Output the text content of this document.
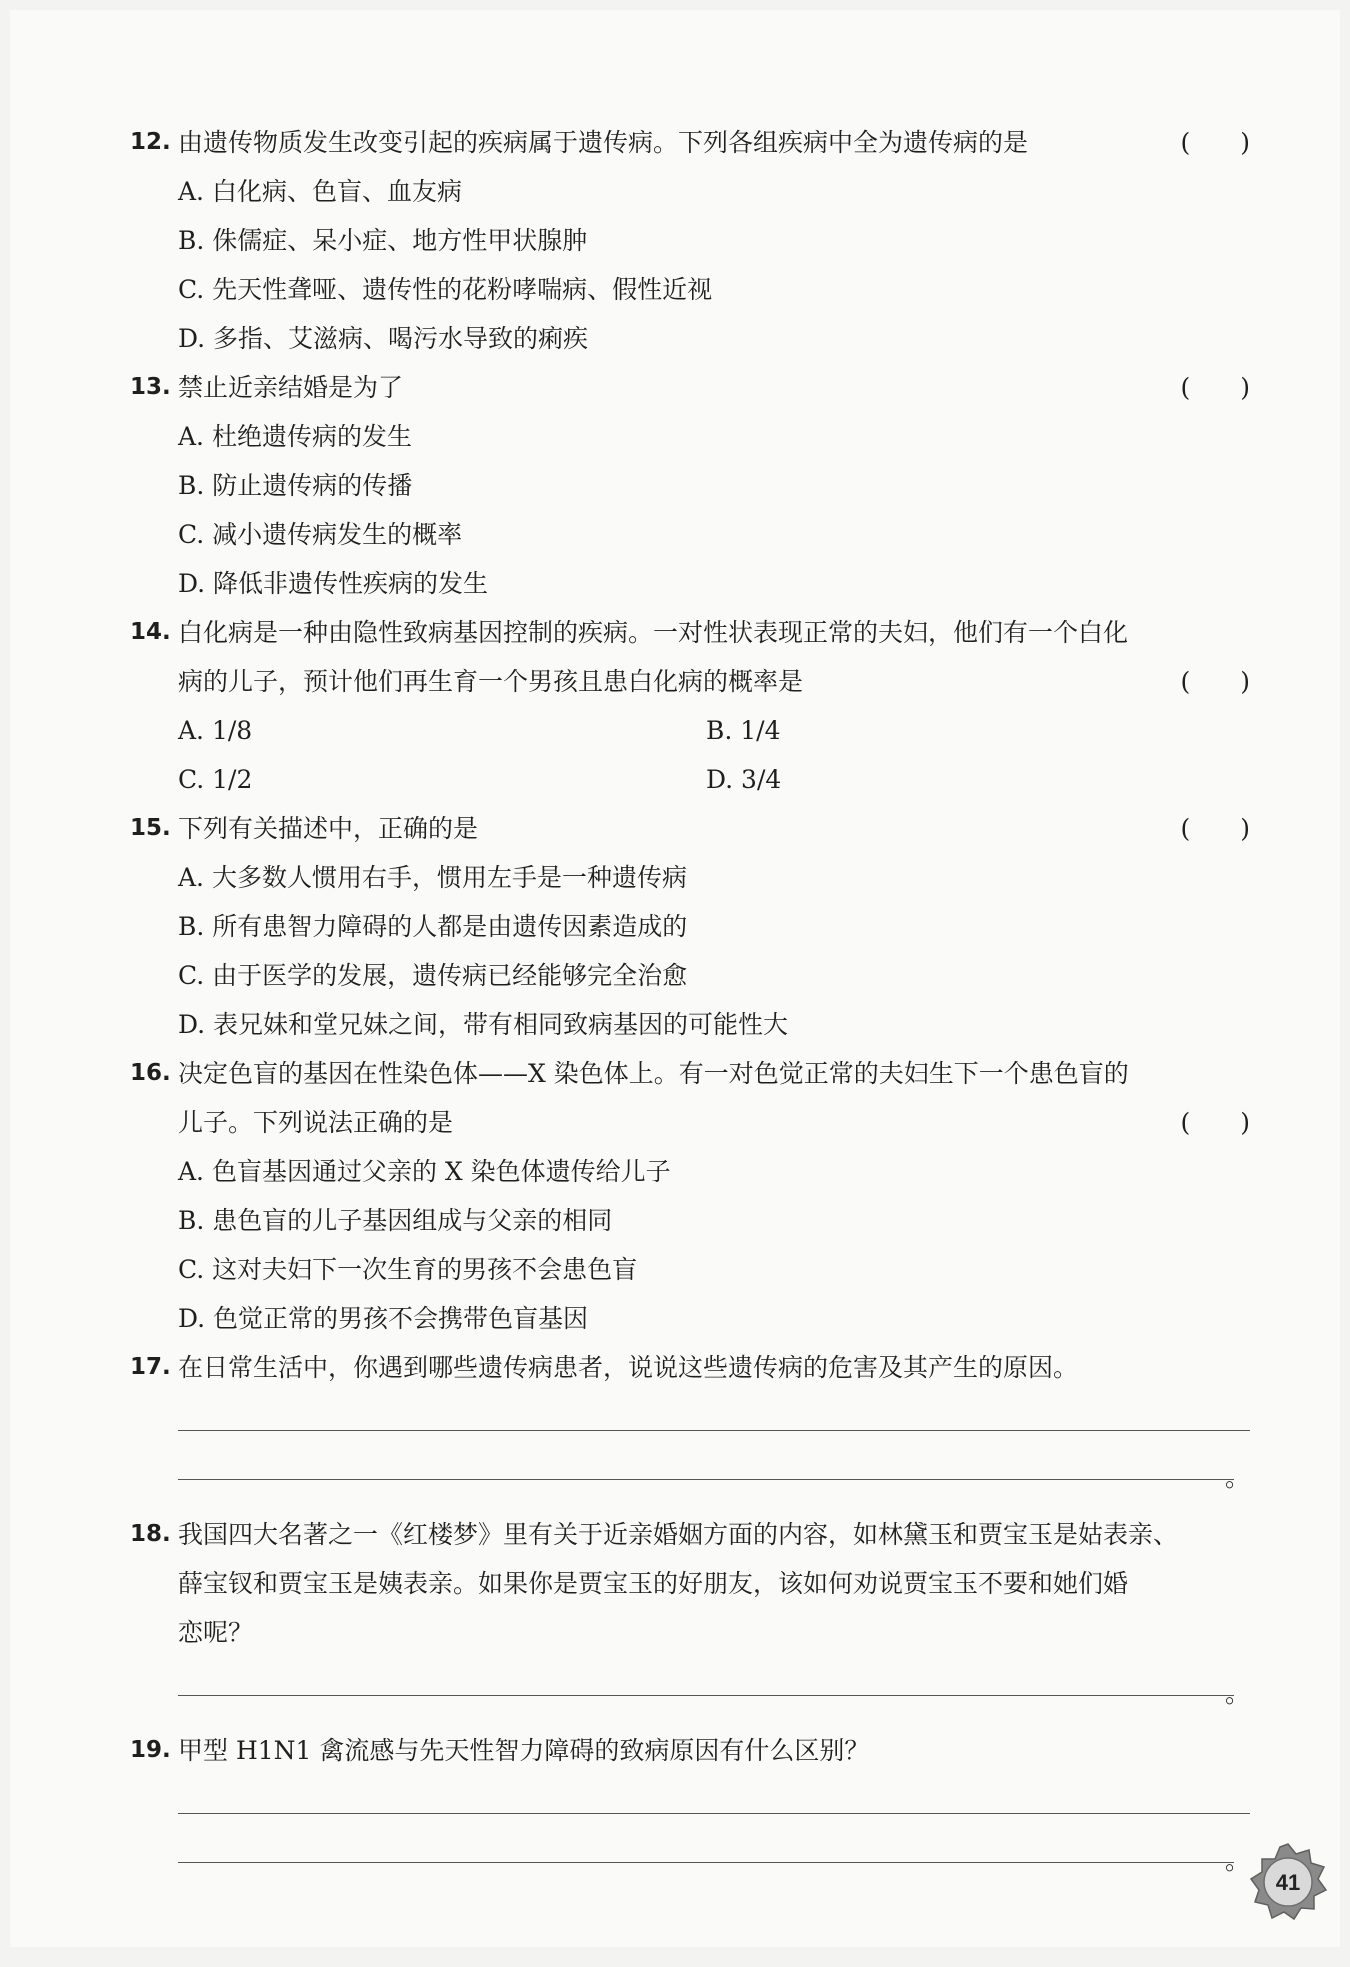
12. 由遗传物质发生改变引起的疾病属于遗传病。下列各组疾病中全为遗传病的是	(　　)
A. 白化病、色盲、血友病
B. 侏儒症、呆小症、地方性甲状腺肿
C. 先天性聋哑、遗传性的花粉哮喘病、假性近视
D. 多指、艾滋病、喝污水导致的痢疾
13. 禁止近亲结婚是为了	(　　)
A. 杜绝遗传病的发生
B. 防止遗传病的传播
C. 减小遗传病发生的概率
D. 降低非遗传性疾病的发生
14. 白化病是一种由隐性致病基因控制的疾病。一对性状表现正常的夫妇，他们有一个白化
病的儿子，预计他们再生育一个男孩且患白化病的概率是	(　　)
A. 1/8	B. 1/4
C. 1/2	D. 3/4
15. 下列有关描述中，正确的是	(　　)
A. 大多数人惯用右手，惯用左手是一种遗传病
B. 所有患智力障碍的人都是由遗传因素造成的
C. 由于医学的发展，遗传病已经能够完全治愈
D. 表兄妹和堂兄妹之间，带有相同致病基因的可能性大
16. 决定色盲的基因在性染色体——X 染色体上。有一对色觉正常的夫妇生下一个患色盲的
儿子。下列说法正确的是	(　　)
A. 色盲基因通过父亲的 X 染色体遗传给儿子
B. 患色盲的儿子基因组成与父亲的相同
C. 这对夫妇下一次生育的男孩不会患色盲
D. 色觉正常的男孩不会携带色盲基因
17. 在日常生活中，你遇到哪些遗传病患者，说说这些遗传病的危害及其产生的原因。
。
18. 我国四大名著之一《红楼梦》里有关于近亲婚姻方面的内容，如林黛玉和贾宝玉是姑表亲、
薛宝钗和贾宝玉是姨表亲。如果你是贾宝玉的好朋友，该如何劝说贾宝玉不要和她们婚
恋呢？
。
19. 甲型 H1N1 禽流感与先天性智力障碍的致病原因有什么区别？
。
41
